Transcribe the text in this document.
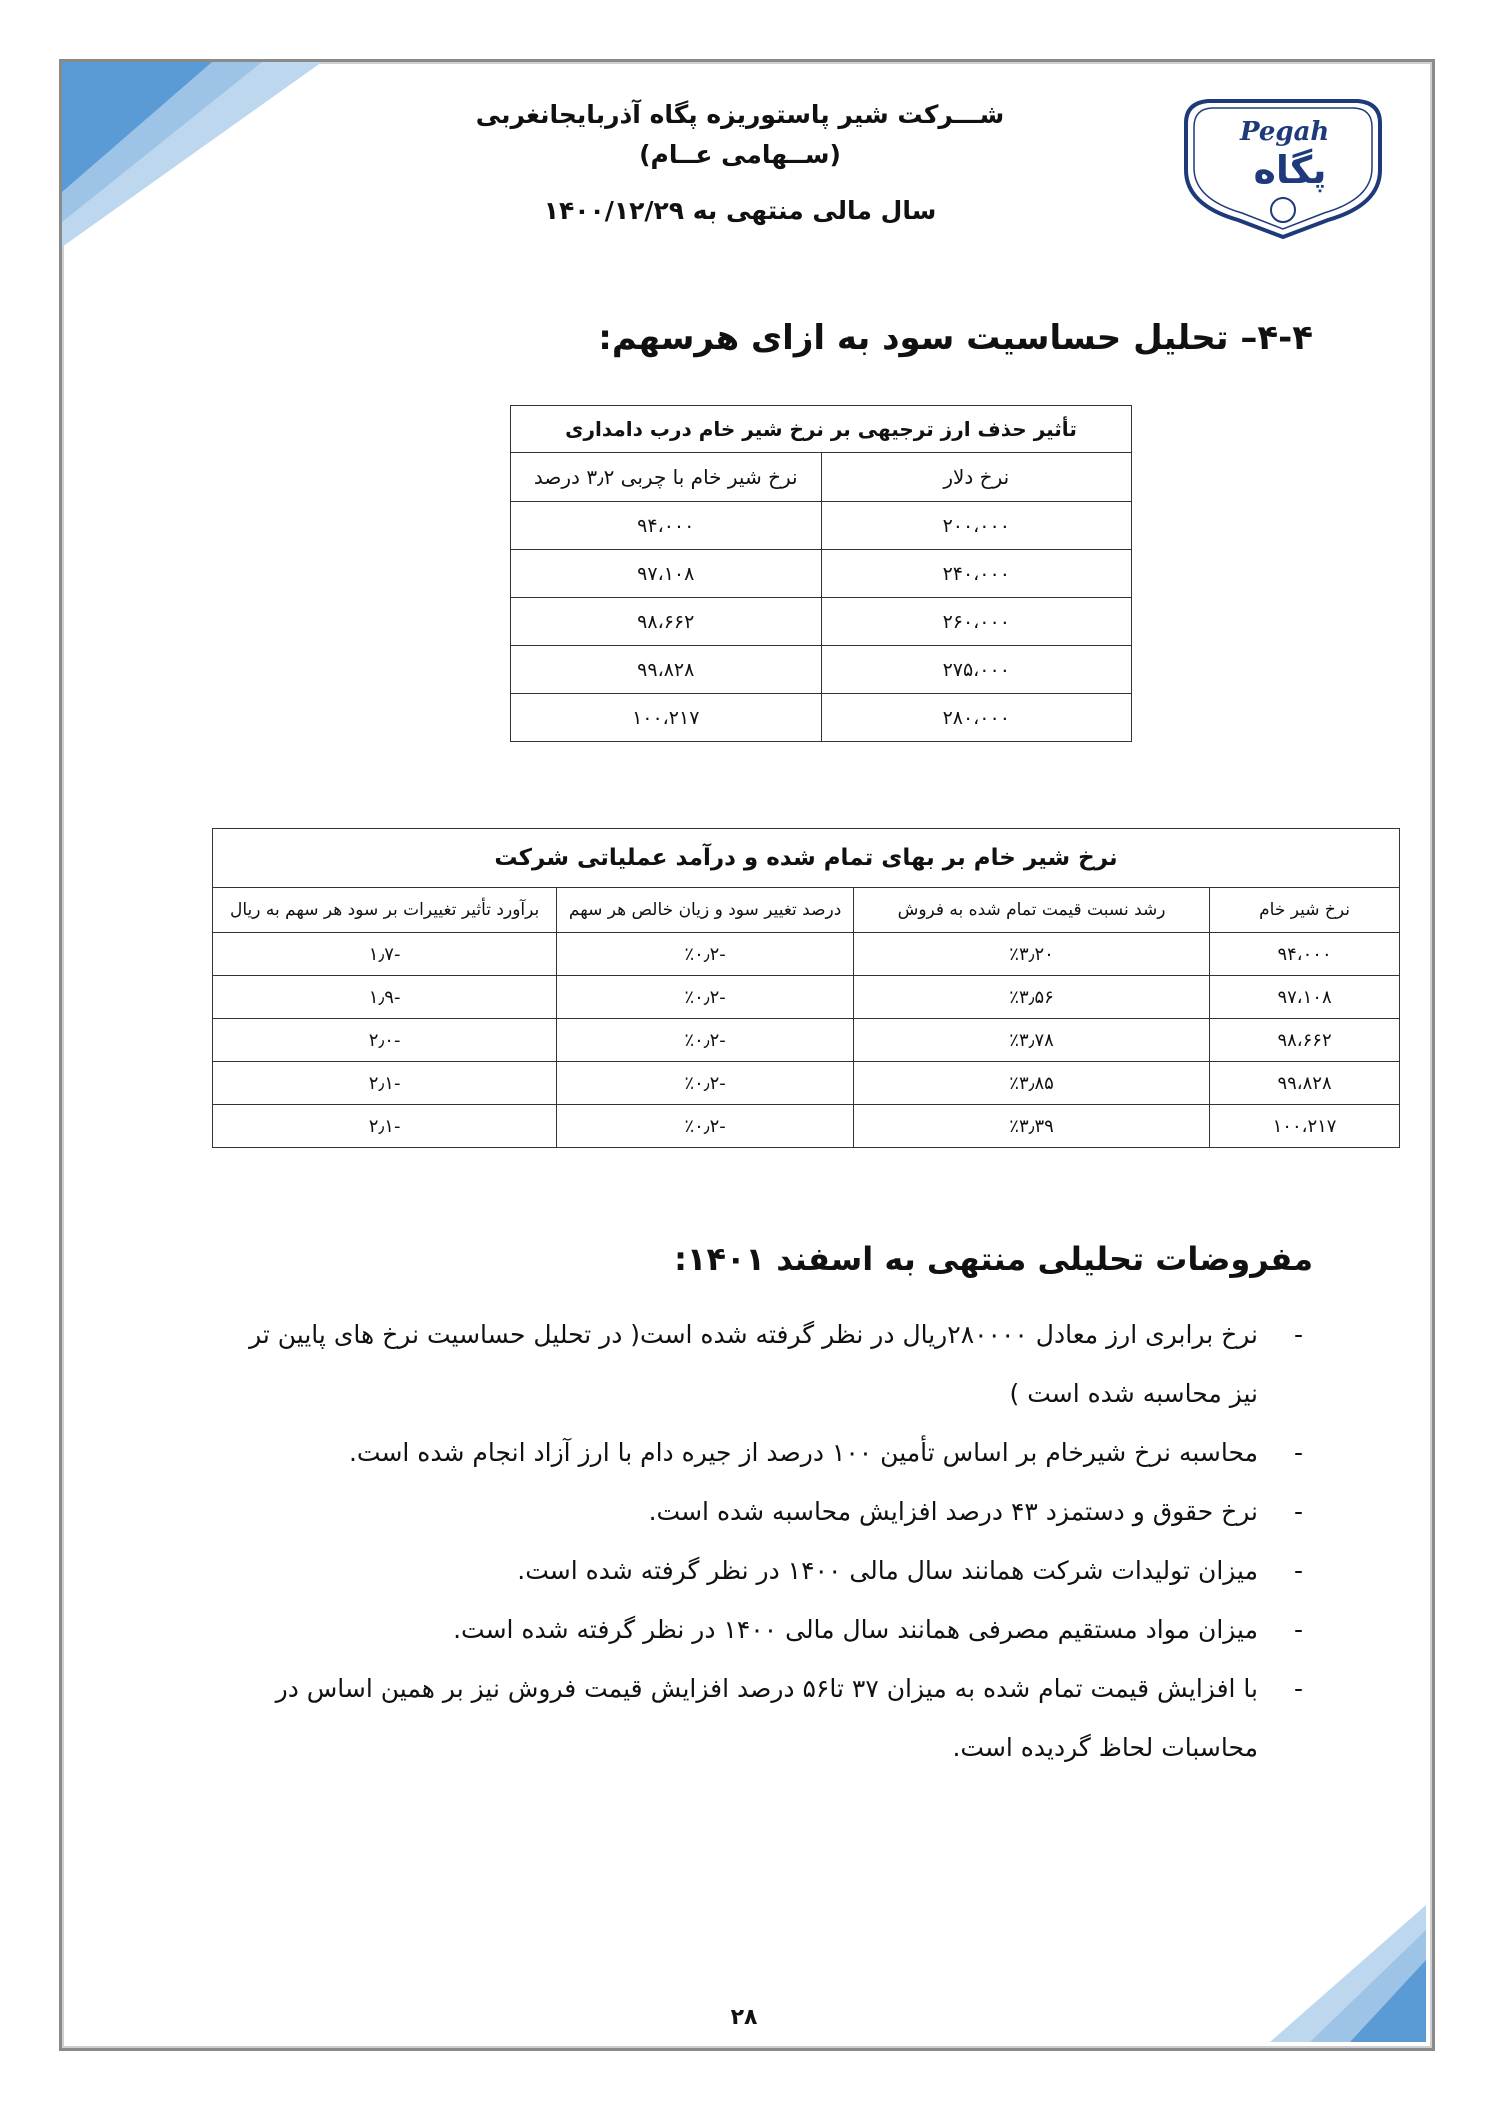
Pegah
پگاه
شـــرکت شیر پاستوریزه پگاه آذربایجانغربی (ســهامی عــام)
سال مالی منتهی به ۱۴۰۰/۱۲/۲۹
۴-۴– تحلیل حساسیت سود به ازای هرسهم:
تأثیر حذف ارز ترجیهی بر نرخ شیر خام درب دامداری	
نرخ دلار	نرخ شیر خام با چربی ۳٫۲ درصد
۲۰۰،۰۰۰	۹۴،۰۰۰
۲۴۰،۰۰۰	۹۷،۱۰۸
۲۶۰،۰۰۰	۹۸،۶۶۲
۲۷۵،۰۰۰	۹۹،۸۲۸
۲۸۰،۰۰۰	۱۰۰،۲۱۷
نرخ شیر خام بر بهای تمام شده و درآمد عملیاتی شرکت			
نرخ شیر خام	رشد نسبت قیمت تمام شده به فروش	درصد تغییر سود و زیان خالص هر سهم	برآورد تأثیر تغییرات بر سود هر سهم به ریال
۹۴،۰۰۰	٪۳٫۲۰	-٪۰٫۲	-۱٫۷
۹۷،۱۰۸	٪۳٫۵۶	-٪۰٫۲	-۱٫۹
۹۸،۶۶۲	٪۳٫۷۸	-٪۰٫۲	-۲٫۰
۹۹،۸۲۸	٪۳٫۸۵	-٪۰٫۲	-۲٫۱
۱۰۰،۲۱۷	٪۳٫۳۹	-٪۰٫۲	-۲٫۱
مفروضات تحلیلی منتهی به اسفند ۱۴۰۱:
-
نرخ برابری ارز معادل ۲۸۰۰۰۰ریال در نظر گرفته شده است( در تحلیل حساسیت نرخ های پایین تر نیز محاسبه شده است )
-
محاسبه نرخ شیرخام بر اساس تأمین ۱۰۰ درصد از جیره دام با ارز آزاد انجام شده است.
-
نرخ حقوق و دستمزد ۴۳ درصد افزایش محاسبه شده است.
-
میزان تولیدات شرکت همانند سال مالی ۱۴۰۰ در نظر گرفته شده است.
-
میزان مواد مستقیم مصرفی همانند سال مالی ۱۴۰۰ در نظر گرفته شده است.
-
با افزایش قیمت تمام شده به میزان ۳۷ تا۵۶ درصد افزایش قیمت فروش نیز بر همین اساس در محاسبات لحاظ گردیده است.
۲۸
